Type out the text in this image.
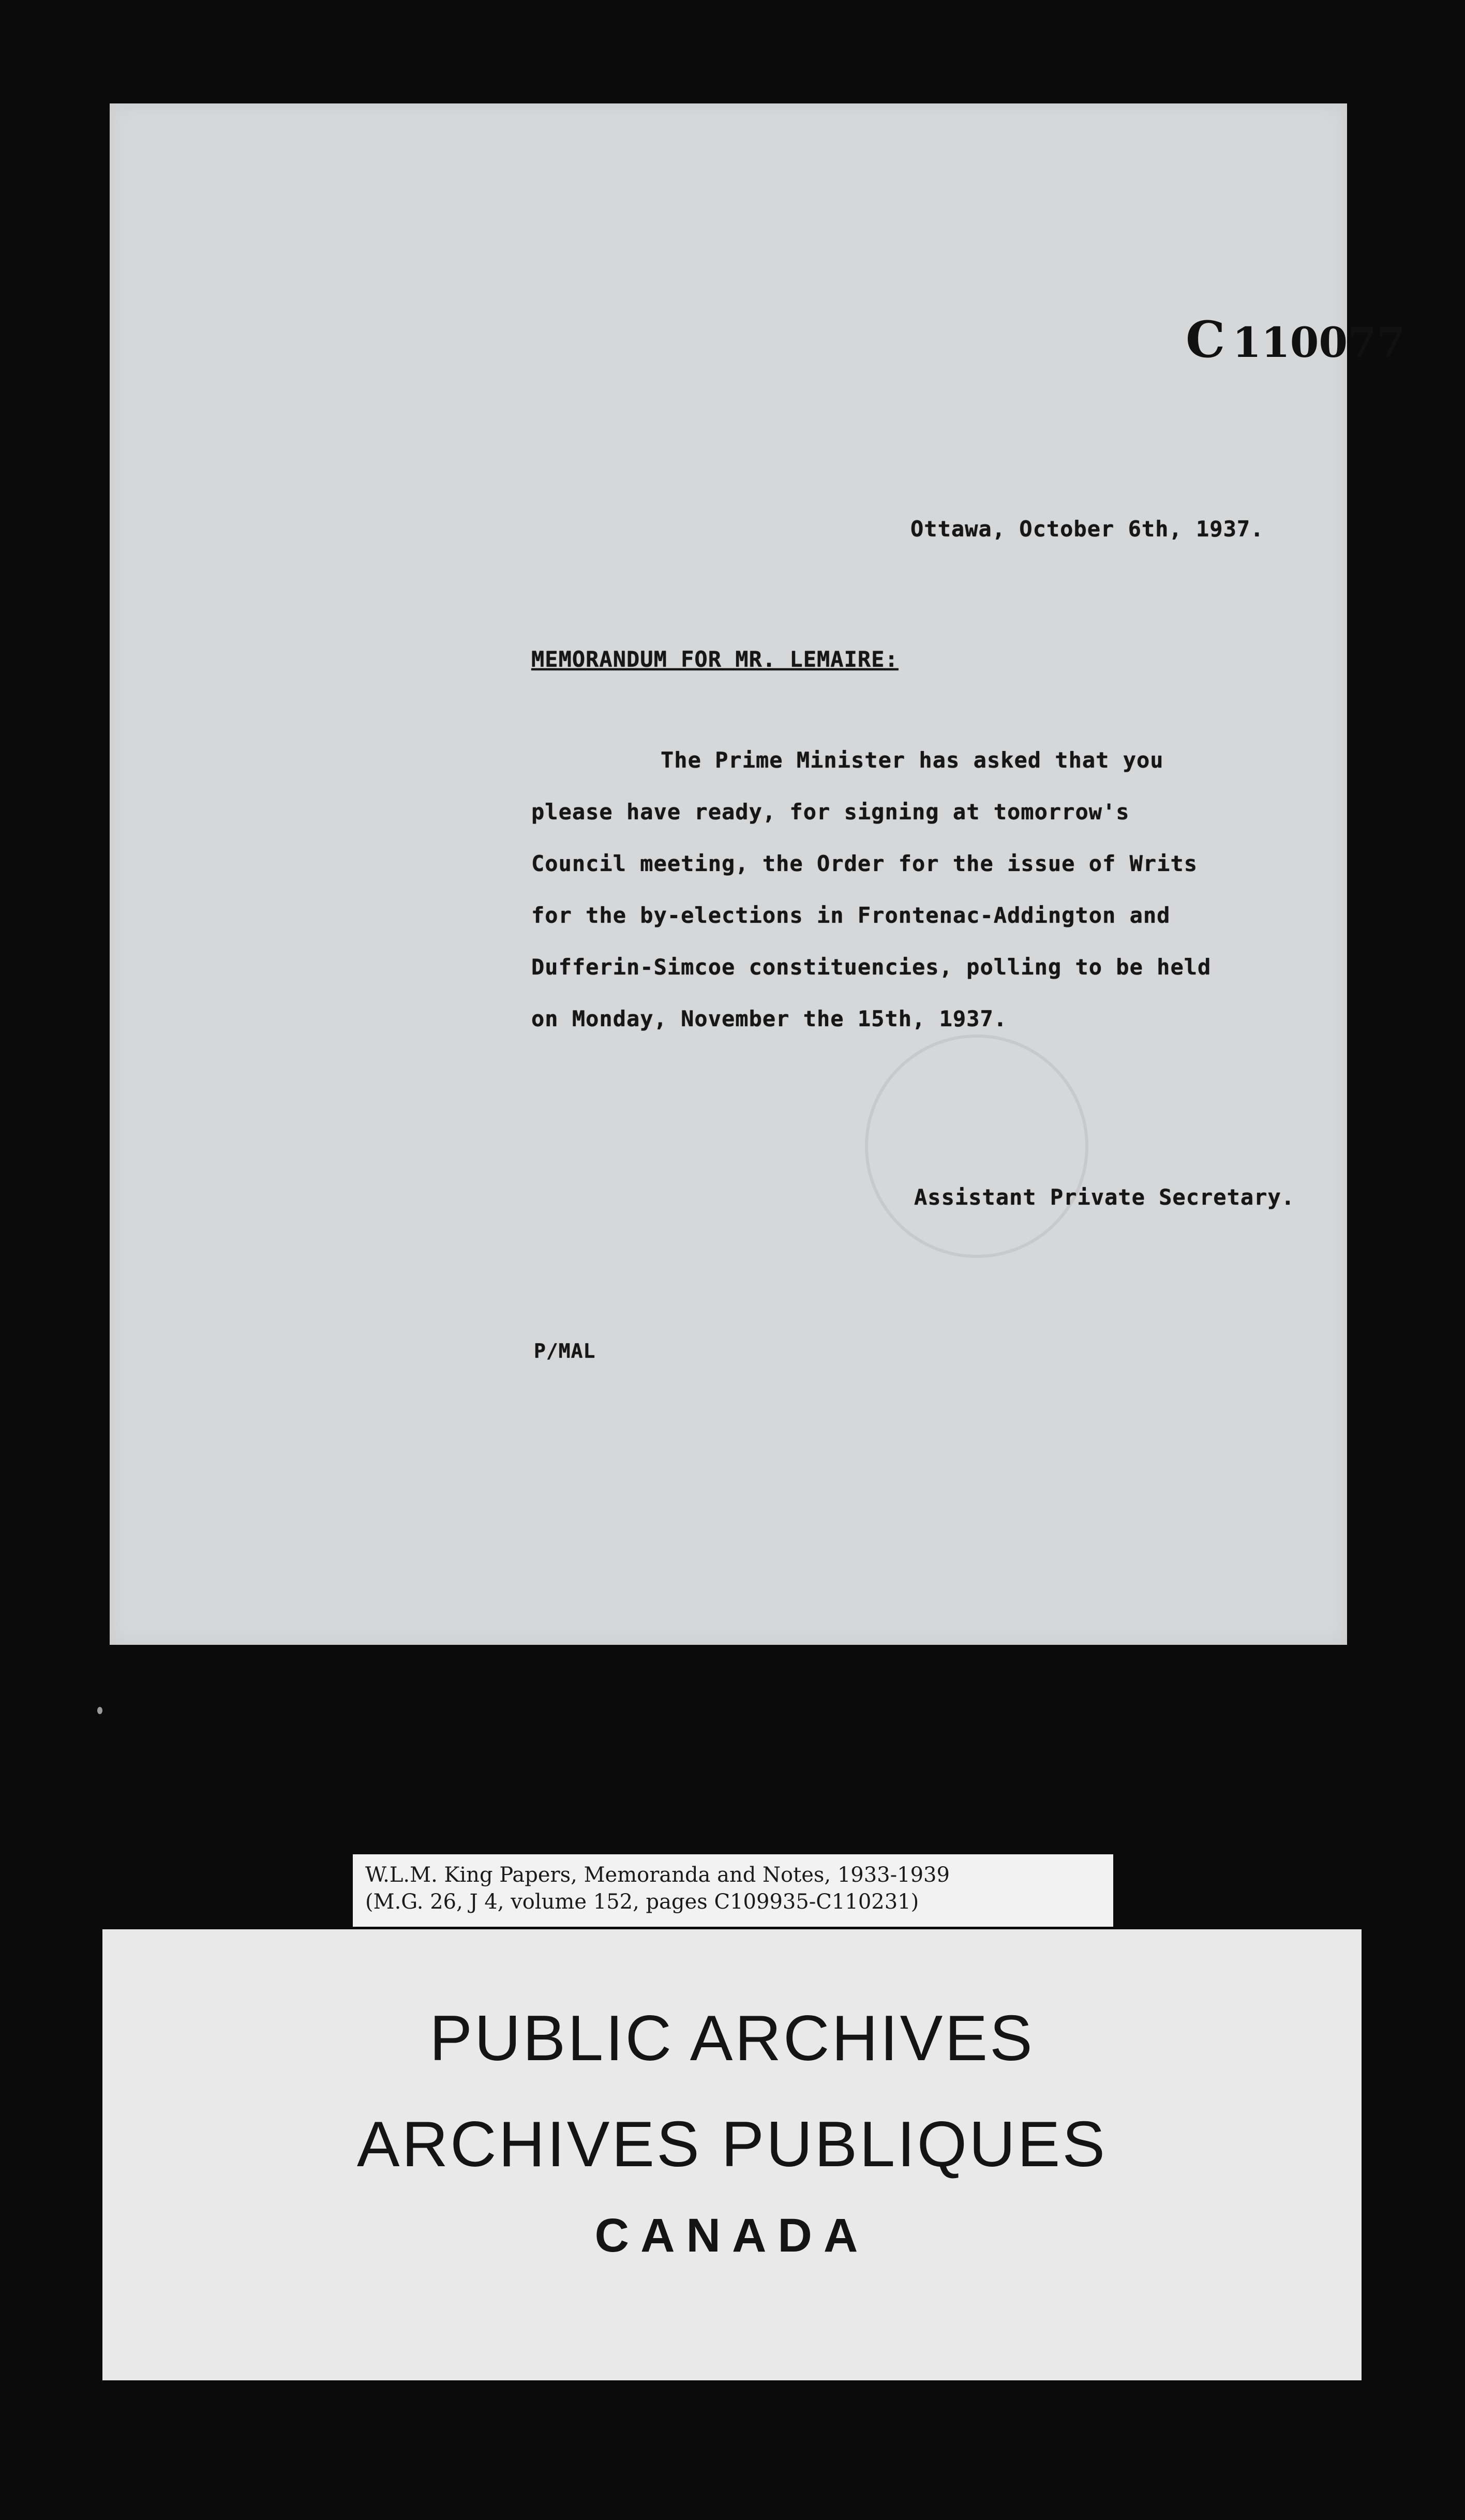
C 110077
Ottawa, October 6th, 1937.
MEMORANDUM FOR MR. LEMAIRE:
The Prime Minister has asked that you
please have ready, for signing at tomorrow's
Council meeting, the Order for the issue of Writs
for the by-elections in Frontenac-Addington and
Dufferin-Simcoe constituencies, polling to be held
on Monday, November the 15th, 1937.
Assistant Private Secretary.
P/MAL
W.L.M. King Papers, Memoranda and Notes, 1933-1939
(M.G. 26, J 4, volume 152, pages C109935-C110231)
PUBLIC ARCHIVES
ARCHIVES PUBLIQUES
CANADA
